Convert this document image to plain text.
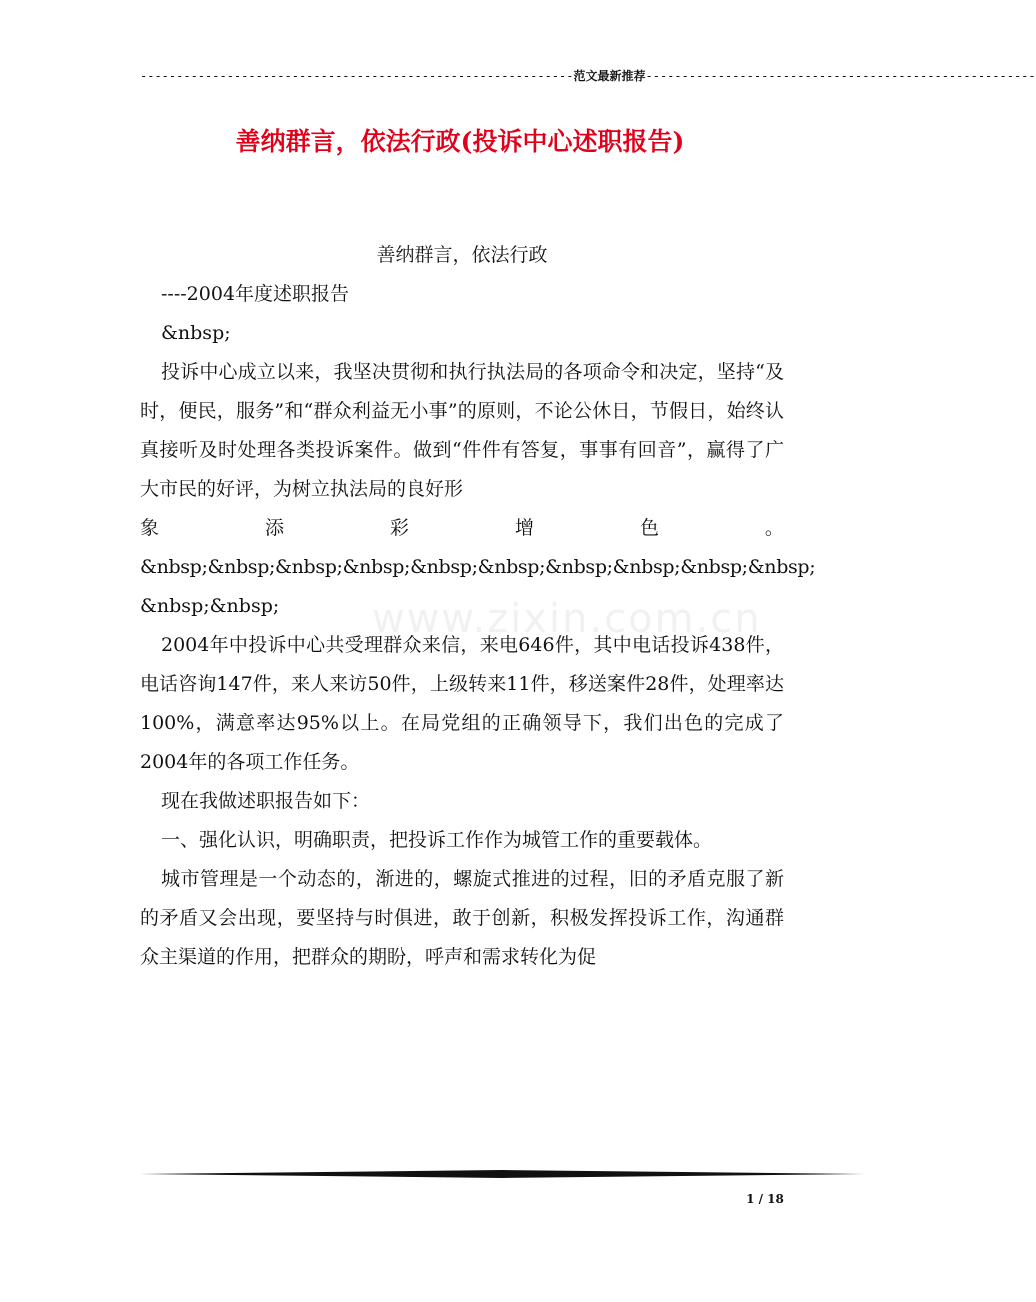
------------------------------------------------------------范文最新推荐------------------------------------------------------
善纳群言，依法行政(投诉中心述职报告)
www.zixin.com.cn

善纳群言，依法行政

----2004年度述职报告

&nbsp;

投诉中心成立以来，我坚决贯彻和执行执法局的各项命令和决定，坚持“及时，便民，服务”和“群众利益无小事”的原则，不论公休日，节假日，始终认真接听及时处理各类投诉案件。做到“件件有答复，事事有回音”，赢得了广大市民的好评，为树立执法局的良好形

象	添	彩	增	色	。

&nbsp;&nbsp;&nbsp;&nbsp;&nbsp;&nbsp;&nbsp;&nbsp;&nbsp;&nbsp;

&nbsp;&nbsp;

2004年中投诉中心共受理群众来信，来电646件，其中电话投诉438件，电话咨询147件，来人来访50件，上级转来11件，移送案件28件，处理率达100%，满意率达95%以上。在局党组的正确领导下，我们出色的完成了2004年的各项工作任务。

现在我做述职报告如下：

一、强化认识，明确职责，把投诉工作作为城管工作的重要载体。

城市管理是一个动态的，渐进的，螺旋式推进的过程，旧的矛盾克服了新的矛盾又会出现，要坚持与时俱进，敢于创新，积极发挥投诉工作，沟通群众主渠道的作用，把群众的期盼，呼声和需求转化为促

1 / 18
